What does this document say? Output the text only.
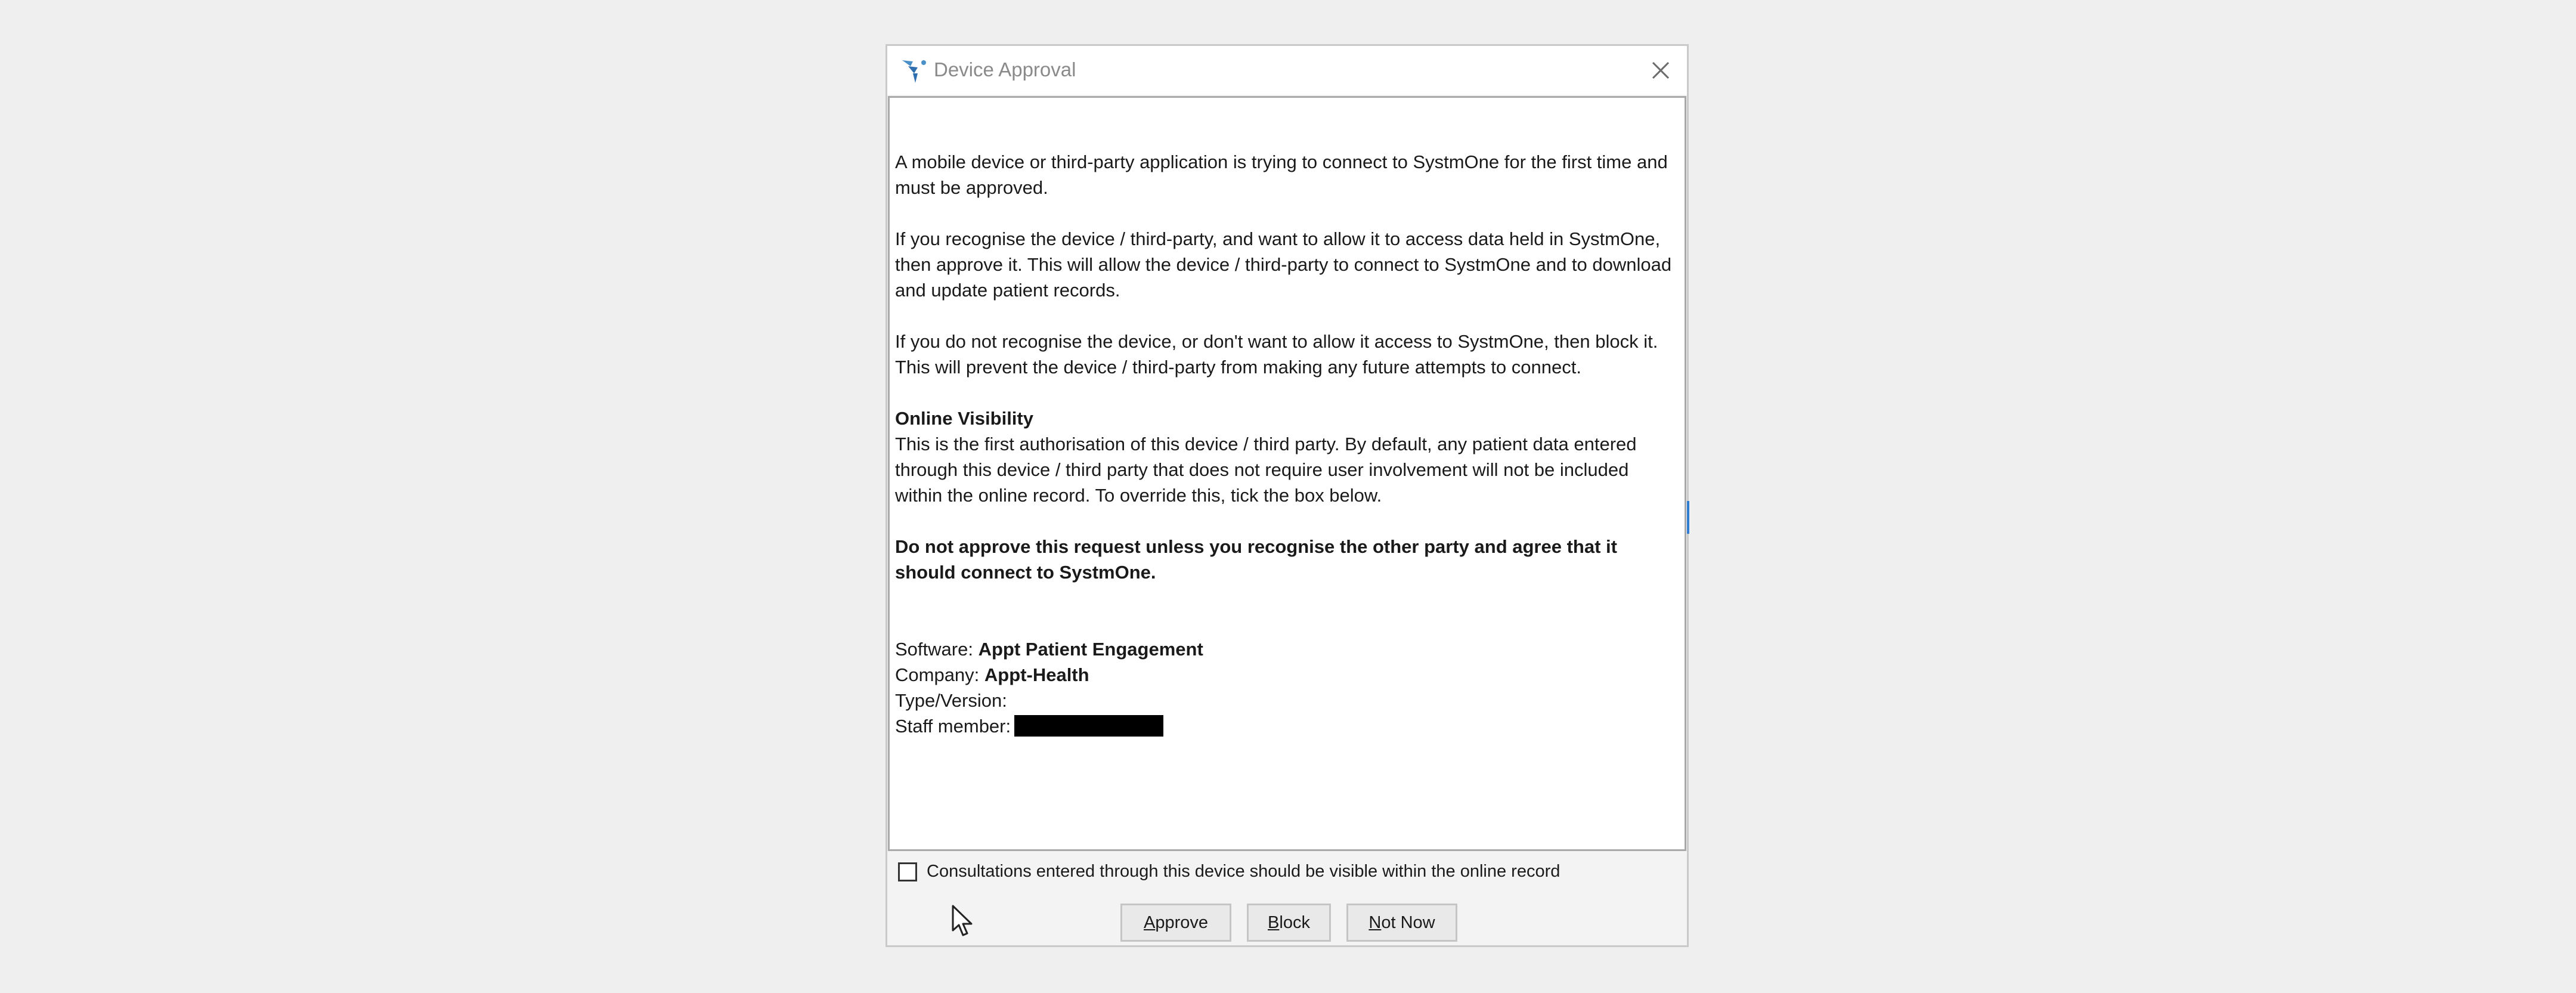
Device Approval
A mobile device or third-party application is trying to connect to SystmOne for the first time and must be approved.
If you recognise the device / third-party, and want to allow it to access data held in SystmOne, then approve it. This will allow the device / third-party to connect to SystmOne and to download and update patient records.
If you do not recognise the device, or don't want to allow it access to SystmOne, then block it. This will prevent the device / third-party from making any future attempts to connect.
Online Visibility
This is the first authorisation of this device / third party. By default, any patient data entered through this device / third party that does not require user involvement will not be included within the online record. To override this, tick the box below.
Do not approve this request unless you recognise the other party and agree that it should connect to SystmOne.
Software: Appt Patient Engagement
Company: Appt-Health
Type/Version:
Staff member:
Consultations entered through this device should be visible within the online record
A pprove	B lock	N ot Now
